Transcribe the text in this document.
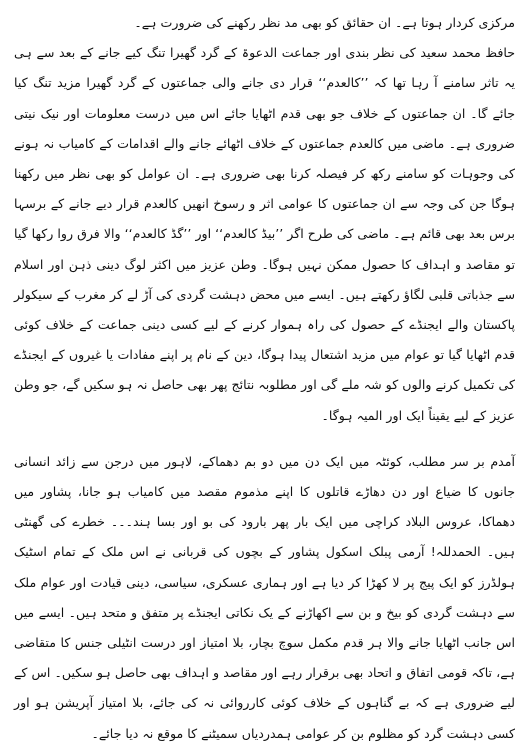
مرکزی کردار ہوتا ہے۔ ان حقائق کو بھی مد نظر رکھنے کی ضرورت ہے۔

حافظ محمد سعید کی نظر بندی اور جماعت الدعوۃ کے گرد گھیرا تنگ کیے جانے کے بعد سے ہی یہ تاثر سامنے آ رہا تھا کہ ’’کالعدم‘‘ قرار دی جانے والی جماعتوں کے گرد گھیرا مزید تنگ کیا جائے گا۔ ان جماعتوں کے خلاف جو بھی قدم اٹھایا جائے اس میں درست معلومات اور نیک نیتی ضروری ہے۔ ماضی میں کالعدم جماعتوں کے خلاف اٹھائے جانے والے اقدامات کے کامیاب نہ ہونے کی وجوہات کو سامنے رکھ کر فیصلہ کرنا بھی ضروری ہے۔ ان عوامل کو بھی نظر میں رکھنا ہوگا جن کی وجہ سے ان جماعتوں کا عوامی اثر و رسوخ انھیں کالعدم قرار دیے جانے کے برسہا برس بعد بھی قائم ہے۔ ماضی کی طرح اگر ’’بیڈ کالعدم‘‘ اور ’’گڈ کالعدم‘‘ والا فرق روا رکھا گیا تو مقاصد و اہداف کا حصول ممکن نہیں ہوگا۔ وطن عزیز میں اکثر لوگ دینی ذہن اور اسلام سے جذباتی قلبی لگاؤ رکھتے ہیں۔ ایسے میں محض دہشت گردی کی آڑ لے کر مغرب کے سیکولر پاکستان والے ایجنڈے کے حصول کی راہ ہموار کرنے کے لیے کسی دینی جماعت کے خلاف کوئی قدم اٹھایا گیا تو عوام میں مزید اشتعال پیدا ہوگا، دین کے نام پر اپنے مفادات یا غیروں کے ایجنڈے کی تکمیل کرنے والوں کو شہ ملے گی اور مطلوبہ نتائج پھر بھی حاصل نہ ہو سکیں گے، جو وطن عزیز کے لیے یقیناً ایک اور المیہ ہوگا۔

آمدم بر سر مطلب، کوئٹہ میں ایک دن میں دو بم دھماکے، لاہور میں درجن سے زائد انسانی جانوں کا ضیاع اور دن دھاڑے قاتلوں کا اپنے مذموم مقصد میں کامیاب ہو جانا، پشاور میں دھماکا، عروس البلاد کراچی میں ایک بار پھر بارود کی بو اور بسا ہند۔۔۔ خطرے کی گھنٹی ہیں۔ الحمدللہ! آرمی پبلک اسکول پشاور کے بچوں کی قربانی نے اس ملک کے تمام اسٹیک ہولڈرز کو ایک پیج پر لا کھڑا کر دیا ہے اور ہماری عسکری، سیاسی، دینی قیادت اور عوام ملک سے دہشت گردی کو بیخ و بن سے اکھاڑنے کے یک نکاتی ایجنڈے پر متفق و متحد ہیں۔ ایسے میں اس جانب اٹھایا جانے والا ہر قدم مکمل سوچ بچار، بلا امتیاز اور درست انٹیلی جنس کا متقاضی ہے، تاکہ قومی اتفاق و اتحاد بھی برقرار رہے اور مقاصد و اہداف بھی حاصل ہو سکیں۔ اس کے لیے ضروری ہے کہ بے گناہوں کے خلاف کوئی کارروائی نہ کی جائے، بلا امتیاز آپریشن ہو اور کسی دہشت گرد کو مظلوم بن کر عوامی ہمدردیاں سمیٹنے کا موقع نہ دیا جائے۔
